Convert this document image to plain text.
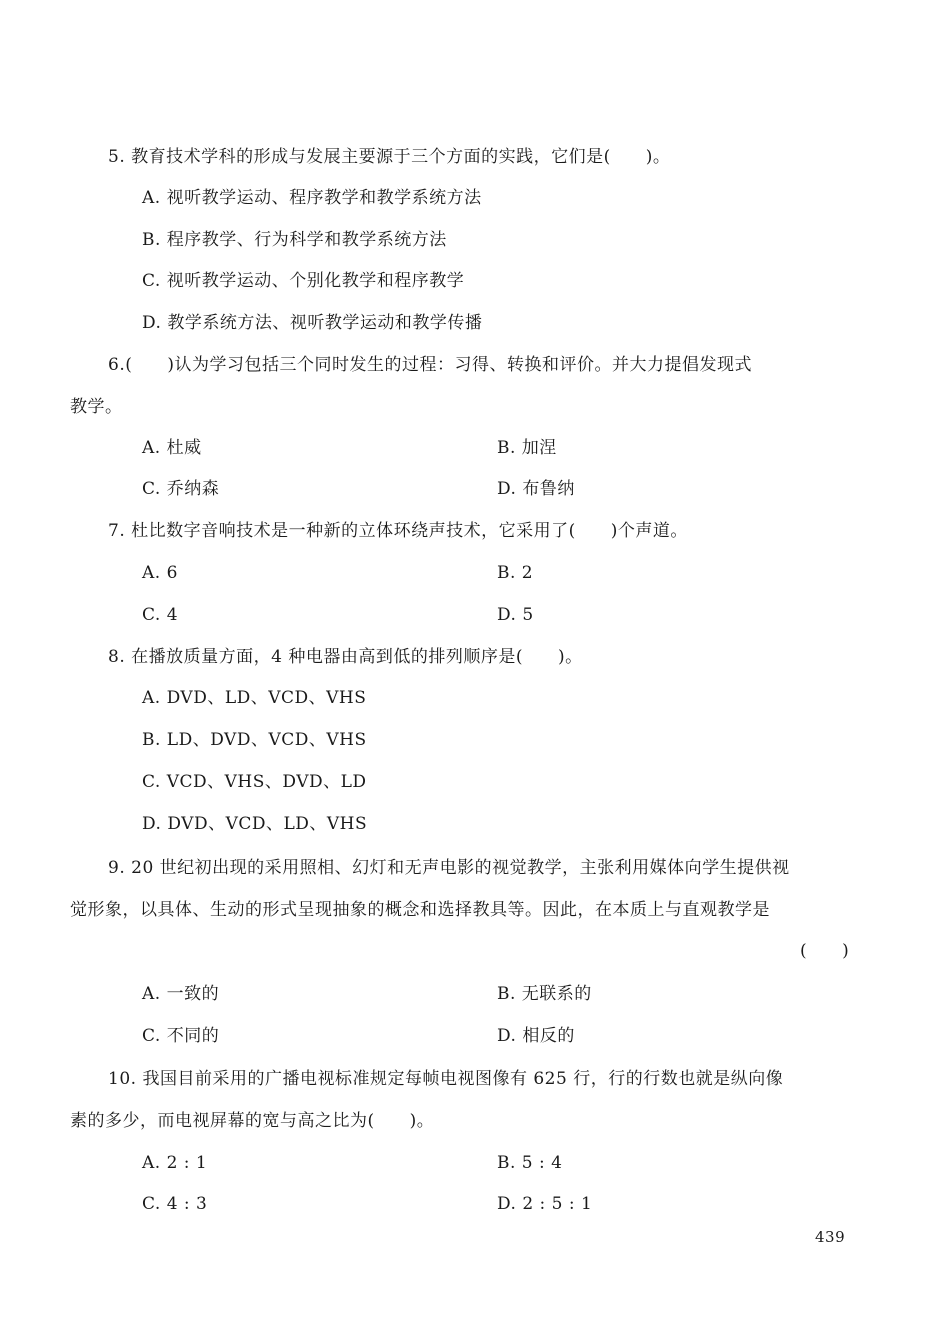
5. 教育技术学科的形成与发展主要源于三个方面的实践，它们是(　　)。
A. 视听教学运动、程序教学和教学系统方法
B. 程序教学、行为科学和教学系统方法
C. 视听教学运动、个别化教学和程序教学
D. 教学系统方法、视听教学运动和教学传播
6.(　　)认为学习包括三个同时发生的过程：习得、转换和评价。并大力提倡发现式
教学。
A. 杜威	B. 加涅
C. 乔纳森	D. 布鲁纳
7. 杜比数字音响技术是一种新的立体环绕声技术，它采用了(　　)个声道。
A. 6	B. 2
C. 4	D. 5
8. 在播放质量方面，4 种电器由高到低的排列顺序是(　　)。
A. DVD、LD、VCD、VHS
B. LD、DVD、VCD、VHS
C. VCD、VHS、DVD、LD
D. DVD、VCD、LD、VHS
9. 20 世纪初出现的采用照相、幻灯和无声电影的视觉教学，主张利用媒体向学生提供视
觉形象，以具体、生动的形式呈现抽象的概念和选择教具等。因此，在本质上与直观教学是
(　　)
A. 一致的	B. 无联系的
C. 不同的	D. 相反的
10. 我国目前采用的广播电视标准规定每帧电视图像有 625 行，行的行数也就是纵向像
素的多少，而电视屏幕的宽与高之比为(　　)。
A. 2 : 1	B. 5 : 4
C. 4 : 3	D. 2 : 5 : 1
439
